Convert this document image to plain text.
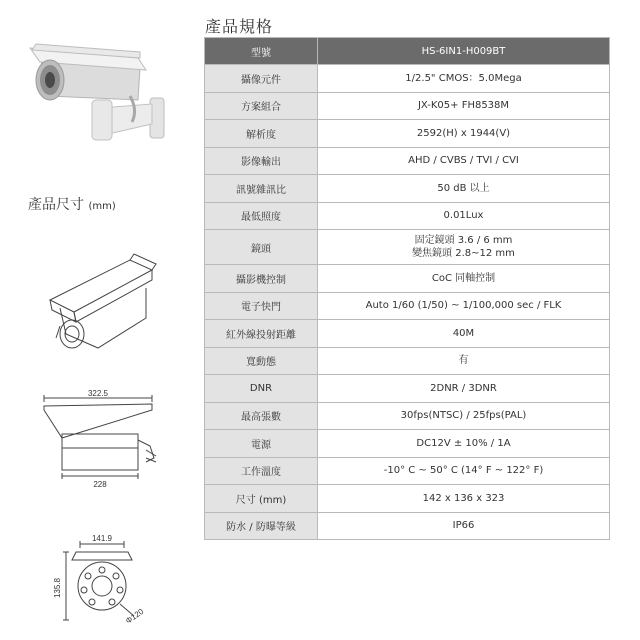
產品尺寸 (mm)
322.5
228
141.9
135.8
Φ120
產品規格
型號	HS-6IN1-H009BT
攝像元件	1/2.5" CMOS：5.0Mega

方案組合	JX-K05+ FH8538M

解析度	2592(H) x 1944(V)

影像輸出	AHD / CVBS / TVI / CVI

訊號雜訊比	50 dB 以上

最低照度	0.01Lux

鏡頭	固定鏡頭 3.6 / 6 mm
變焦鏡頭 2.8~12 mm

攝影機控制	CoC 同軸控制

電子快門	Auto 1/60 (1/50) ~ 1/100,000 sec / FLK

紅外線投射距離	40M

寬動態	有

DNR	2DNR / 3DNR

最高張數	30fps(NTSC) / 25fps(PAL)

電源	DC12V ± 10% / 1A

工作溫度	-10° C ~ 50° C (14° F ~ 122° F)

尺寸 (mm)	142 x 136 x 323

防水 / 防曝等級	IP66
